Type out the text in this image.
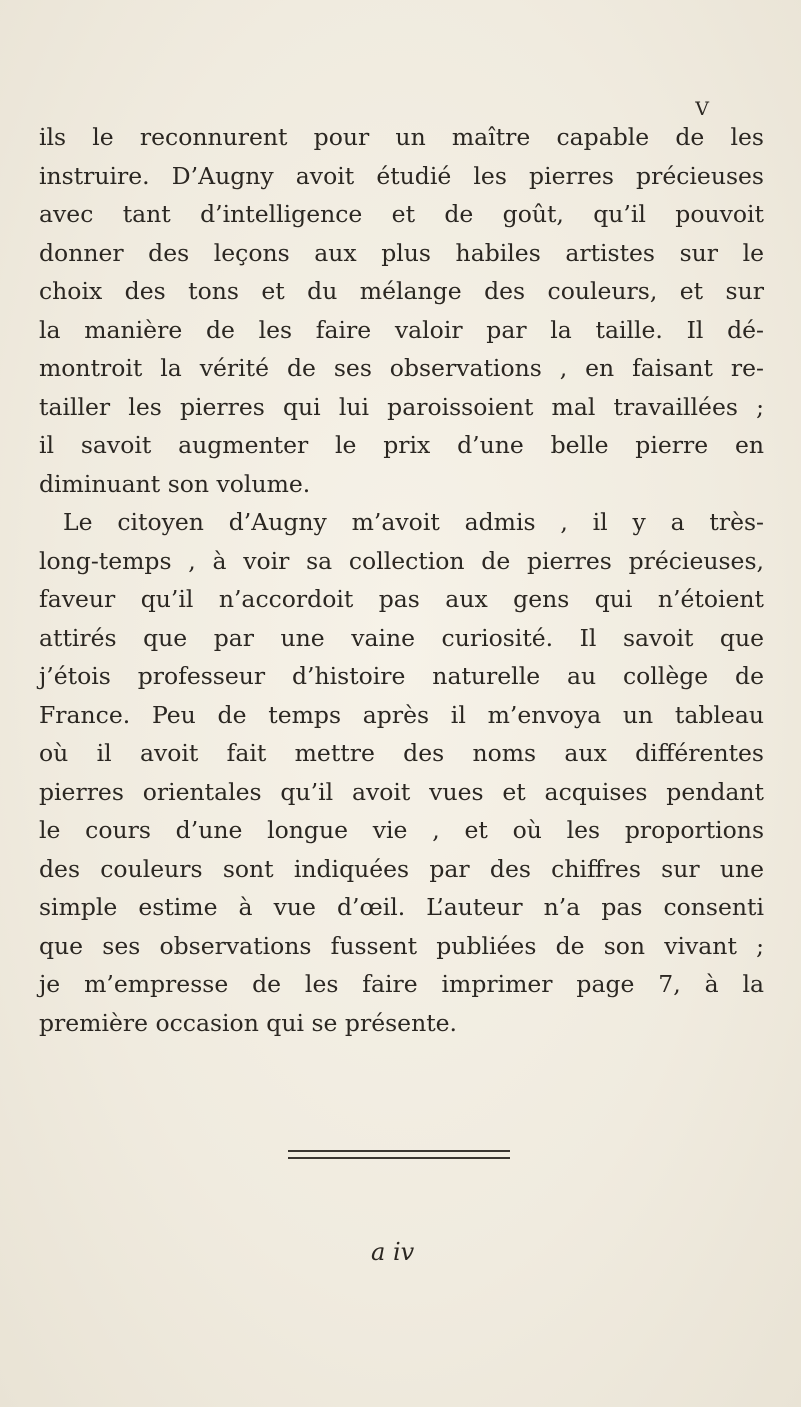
V
ils le reconnurent pour un maître capable de les
instruire. D’Augny avoit étudié les pierres précieuses
avec tant d’intelligence et de goût, qu’il pouvoit
donner des leçons aux plus habiles artistes sur le
choix des tons et du mélange des couleurs, et sur
la manière de les faire valoir par la taille. Il dé-
montroit la vérité de ses observations , en faisant re-
tailler les pierres qui lui paroissoient mal travaillées ;
il savoit augmenter le prix d’une belle pierre en
diminuant son volume.
Le citoyen d’Augny m’avoit admis , il y a très-
long-temps , à voir sa collection de pierres précieuses,
faveur qu’il n’accordoit pas aux gens qui n’étoient
attirés que par une vaine curiosité. Il savoit que
j’étois professeur d’histoire naturelle au collège de
France. Peu de temps après il m’envoya un tableau
où il avoit fait mettre des noms aux différentes
pierres orientales qu’il avoit vues et acquises pendant
le cours d’une longue vie , et où les proportions
des couleurs sont indiquées par des chiffres sur une
simple estime à vue d’œil. L’auteur n’a pas consenti
que ses observations fussent publiées de son vivant ;
je m’empresse de les faire imprimer page 7, à la
première occasion qui se présente.
a iv
